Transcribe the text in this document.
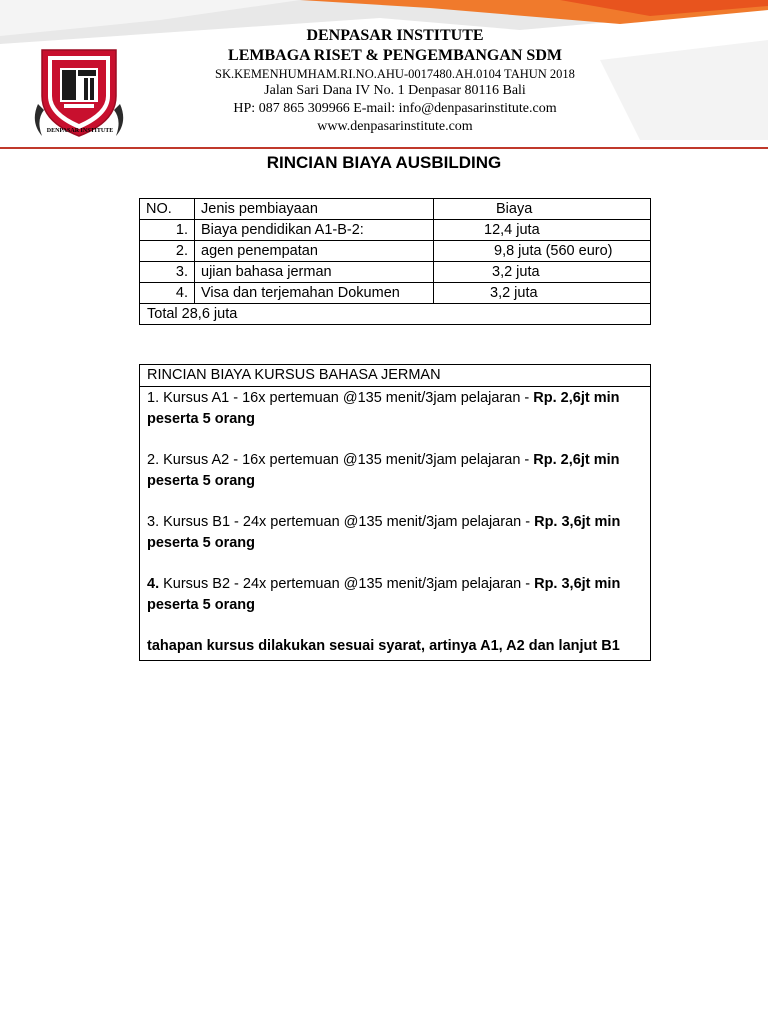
DENPASAR INSTITUTE
DENPASAR INSTITUTE
LEMBAGA RISET & PENGEMBANGAN SDM
SK.KEMENHUMHAM.RI.NO.AHU-0017480.AH.0104 TAHUN 2018
Jalan Sari Dana IV No. 1 Denpasar 80116 Bali
HP: 087 865 309966 E-mail: info@denpasarinstitute.com
www.denpasarinstitute.com
RINCIAN BIAYA AUSBILDING
NO.	Jenis pembiayaan	Biaya
1.	Biaya pendidikan A1-B-2:	12,4 juta
2.	agen penempatan	9,8 juta (560 euro)
3.	ujian bahasa jerman	3,2 juta
4.	Visa dan terjemahan Dokumen	3,2 juta
Total 28,6 juta		
RINCIAN BIAYA KURSUS BAHASA JERMAN
1. Kursus A1 - 16x pertemuan @135 menit/3jam pelajaran - Rp. 2,6jt min peserta 5 orang
2. Kursus A2 - 16x pertemuan @135 menit/3jam pelajaran - Rp. 2,6jt min peserta 5 orang
3. Kursus B1 - 24x pertemuan @135 menit/3jam pelajaran - Rp. 3,6jt min peserta 5 orang
4. Kursus B2 - 24x pertemuan @135 menit/3jam pelajaran - Rp. 3,6jt min peserta 5 orang
tahapan kursus dilakukan sesuai syarat, artinya A1, A2 dan lanjut B1
